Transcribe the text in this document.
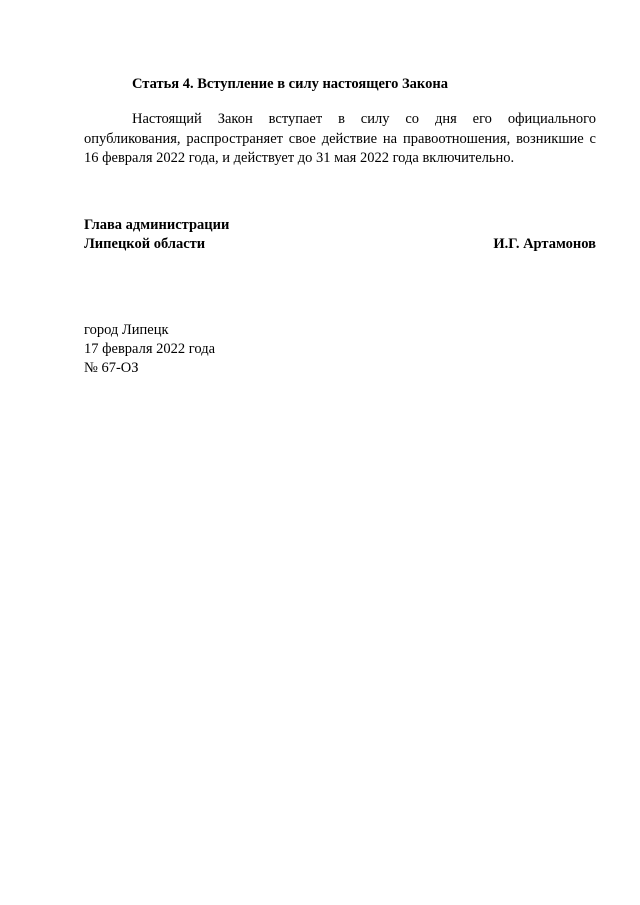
Статья 4. Вступление в силу настоящего Закона

Настоящий Закон вступает в силу со дня его официального опубликования, распространяет свое действие на правоотношения, возникшие с 16 февраля 2022 года, и действует до 31 мая 2022 года включительно.

Глава администрации
Липецкой области	И.Г. Артамонов
город Липецк
17 февраля 2022 года
№ 67-ОЗ
